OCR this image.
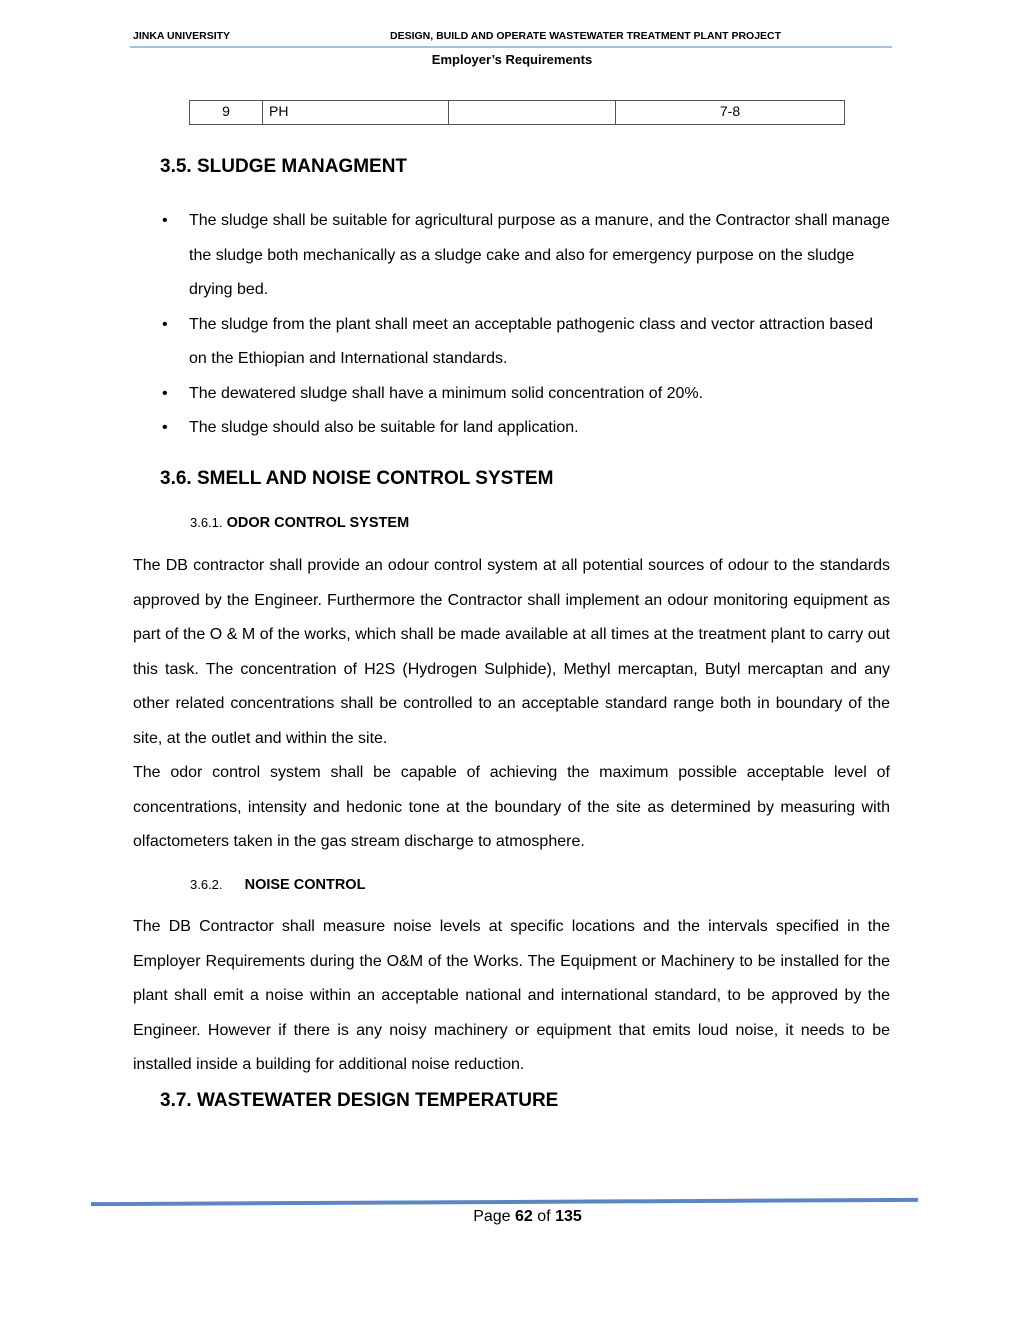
JINKA UNIVERSITY	DESIGN, BUILD AND OPERATE WASTEWATER TREATMENT PLANT PROJECT
Employer’s Requirements
9	PH		7-8
3.5. SLUDGE MANAGMENT
• The sludge shall be suitable for agricultural purpose as a manure, and the Contractor shall manage the sludge both mechanically as a sludge cake and also for emergency purpose on the sludge drying bed.
• The sludge from the plant shall meet an acceptable pathogenic class and vector attraction based on the Ethiopian and International standards.
• The dewatered sludge shall have a minimum solid concentration of 20%.
• The sludge should also be suitable for land application.
3.6. SMELL AND NOISE CONTROL SYSTEM
3.6.1. ODOR CONTROL SYSTEM
The DB contractor shall provide an odour control system at all potential sources of odour to the standards approved by the Engineer. Furthermore the Contractor shall implement an odour monitoring equipment as part of the O & M of the works, which shall be made available at all times at the treatment plant to carry out this task. The concentration of H2S (Hydrogen Sulphide), Methyl mercaptan, Butyl mercaptan and any other related concentrations shall be controlled to an acceptable standard range both in boundary of the site, at the outlet and within the site.
The odor control system shall be capable of achieving the maximum possible acceptable level of concentrations, intensity and hedonic tone at the boundary of the site as determined by measuring with olfactometers taken in the gas stream discharge to atmosphere.
3.6.2. NOISE CONTROL
The DB Contractor shall measure noise levels at specific locations and the intervals specified in the Employer Requirements during the O&M of the Works. The Equipment or Machinery to be installed for the plant shall emit a noise within an acceptable national and international standard, to be approved by the Engineer. However if there is any noisy machinery or equipment that emits loud noise, it needs to be installed inside a building for additional noise reduction.
3.7. WASTEWATER DESIGN TEMPERATURE
Page 62 of 135
